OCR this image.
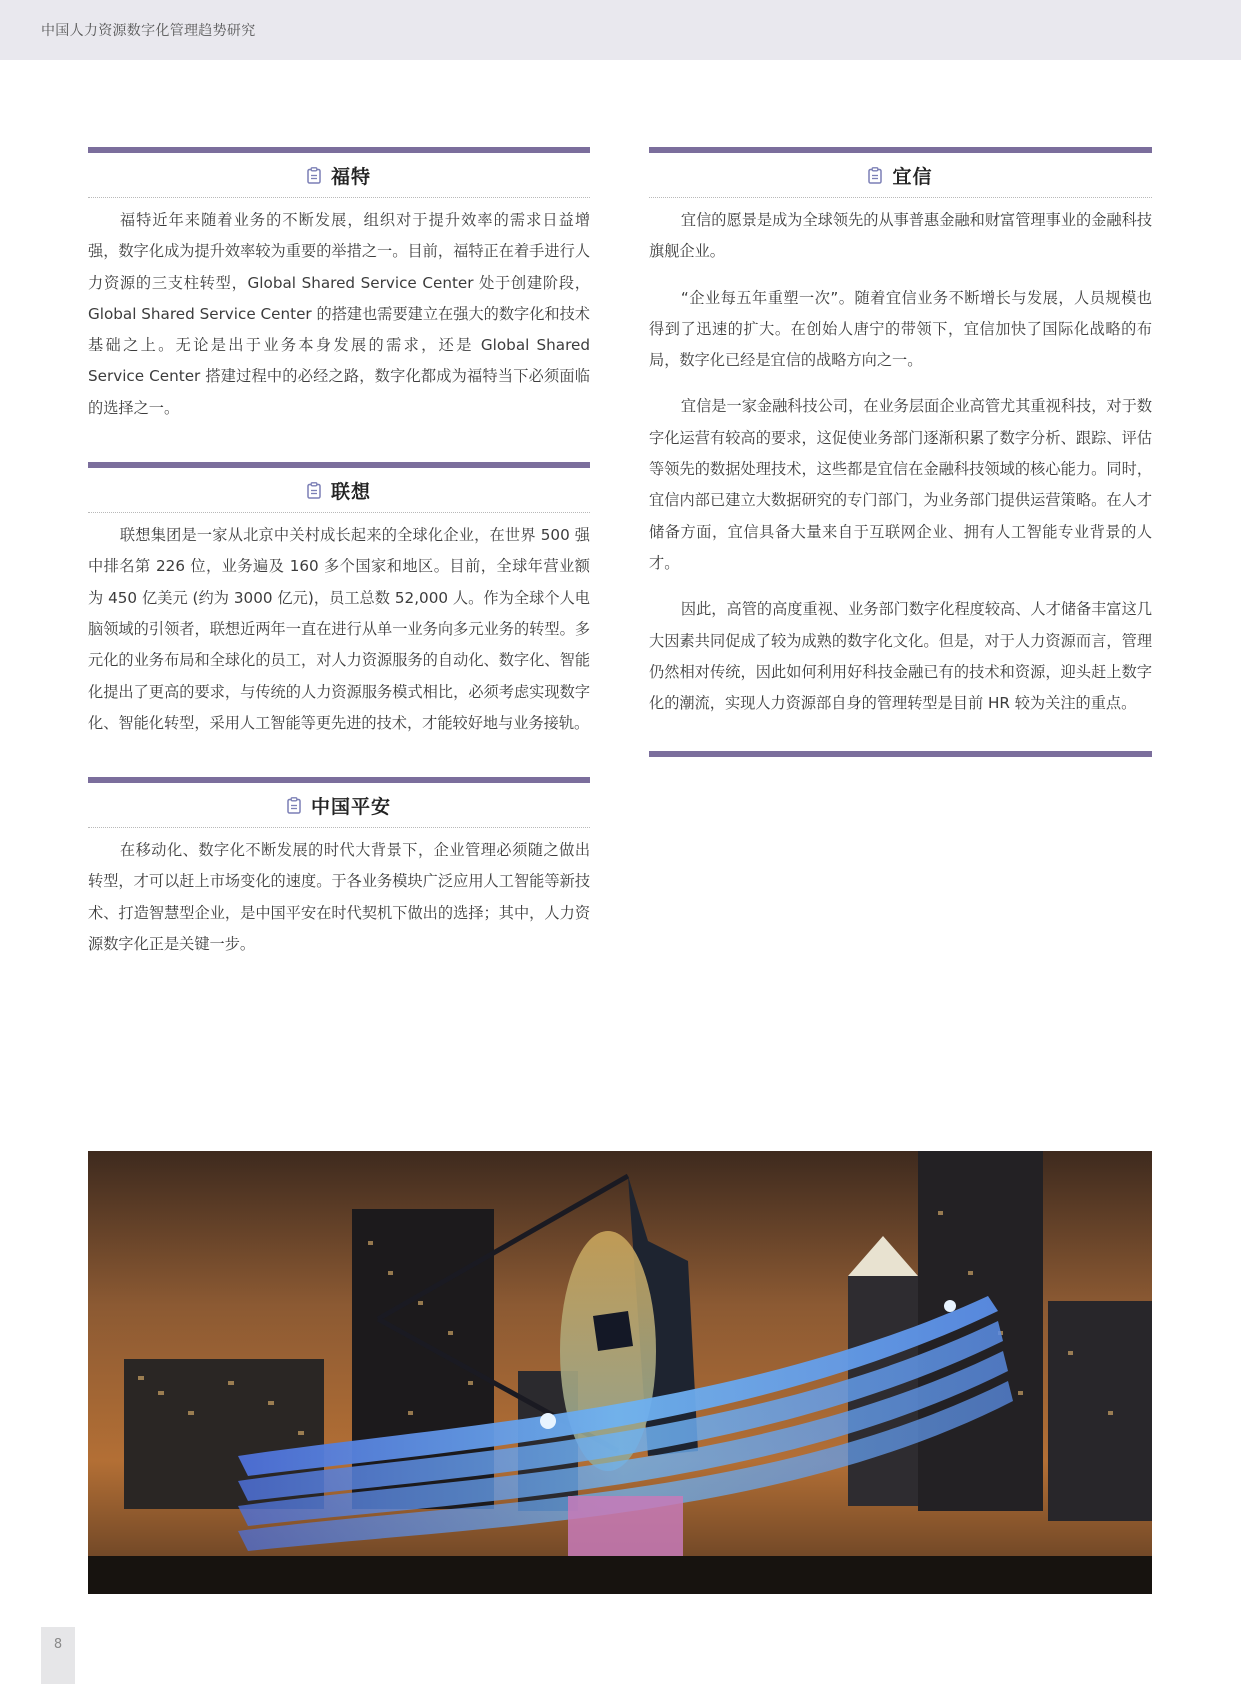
中国人力资源数字化管理趋势研究
福特

福特近年来随着业务的不断发展，组织对于提升效率的需求日益增强，数字化成为提升效率较为重要的举措之一。目前，福特正在着手进行人力资源的三支柱转型，Global Shared Service Center 处于创建阶段，Global Shared Service Center 的搭建也需要建立在强大的数字化和技术基础之上。无论是出于业务本身发展的需求，还是 Global Shared Service Center 搭建过程中的必经之路，数字化都成为福特当下必须面临的选择之一。

联想

联想集团是一家从北京中关村成长起来的全球化企业，在世界 500 强中排名第 226 位，业务遍及 160 多个国家和地区。目前，全球年营业额为 450 亿美元 (约为 3000 亿元)，员工总数 52,000 人。作为全球个人电脑领域的引领者，联想近两年一直在进行从单一业务向多元业务的转型。多元化的业务布局和全球化的员工，对人力资源服务的自动化、数字化、智能化提出了更高的要求，与传统的人力资源服务模式相比，必须考虑实现数字化、智能化转型，采用人工智能等更先进的技术，才能较好地与业务接轨。

中国平安

在移动化、数字化不断发展的时代大背景下，企业管理必须随之做出转型，才可以赶上市场变化的速度。于各业务模块广泛应用人工智能等新技术、打造智慧型企业，是中国平安在时代契机下做出的选择；其中，人力资源数字化正是关键一步。

宜信

宜信的愿景是成为全球领先的从事普惠金融和财富管理事业的金融科技旗舰企业。

“企业每五年重塑一次”。随着宜信业务不断增长与发展，人员规模也得到了迅速的扩大。在创始人唐宁的带领下，宜信加快了国际化战略的布局，数字化已经是宜信的战略方向之一。

宜信是一家金融科技公司，在业务层面企业高管尤其重视科技，对于数字化运营有较高的要求，这促使业务部门逐渐积累了数字分析、跟踪、评估等领先的数据处理技术，这些都是宜信在金融科技领域的核心能力。同时，宜信内部已建立大数据研究的专门部门，为业务部门提供运营策略。在人才储备方面，宜信具备大量来自于互联网企业、拥有人工智能专业背景的人才。

因此，高管的高度重视、业务部门数字化程度较高、人才储备丰富这几大因素共同促成了较为成熟的数字化文化。但是，对于人力资源而言，管理仍然相对传统，因此如何利用好科技金融已有的技术和资源，迎头赶上数字化的潮流，实现人力资源部自身的管理转型是目前 HR 较为关注的重点。

8
